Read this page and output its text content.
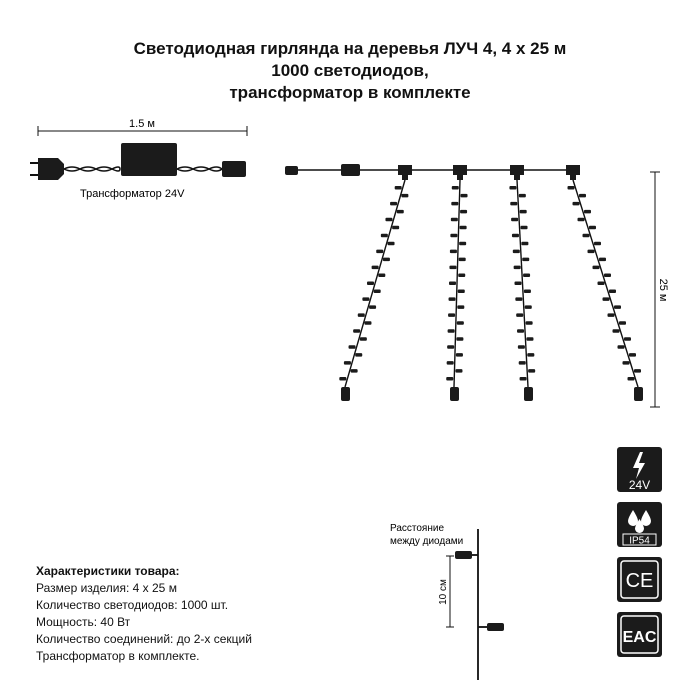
Светодиодная гирлянда на деревья ЛУЧ 4, 4 х 25 м
1000 светодиодов,
трансформатор в комплекте
1.5 м
Трансформатор 24V
25 м
Расстояние
между диодами
10 см
Характеристики товара:
Размер изделия: 4 х 25 м
Количество светодиодов: 1000 шт.
Мощность: 40 Вт
Количество соединений: до 2-х секций
Трансформатор в комплекте.
24V
IP54
CE
EAC
